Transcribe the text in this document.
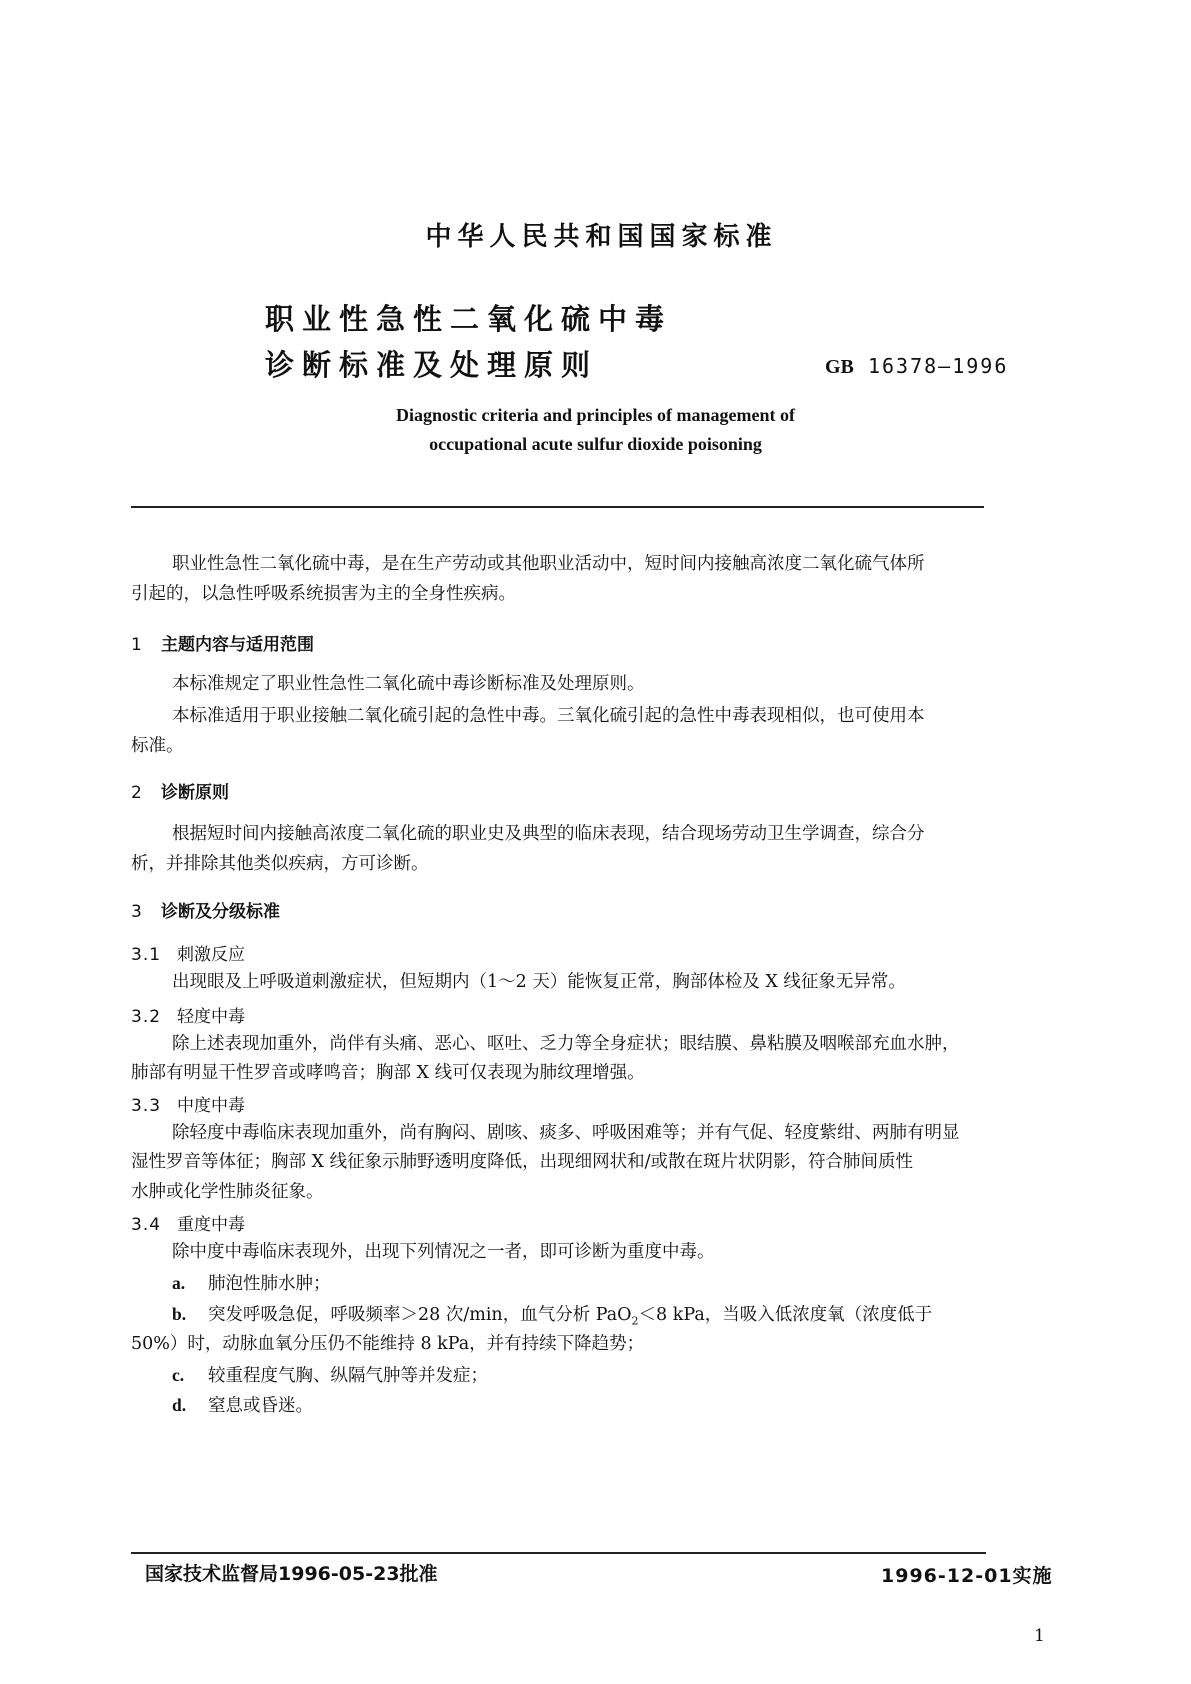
中华人民共和国国家标准
职业性急性二氧化硫中毒
诊断标准及处理原则	GB 16378—1996
Diagnostic criteria and principles of management of
occupational acute sulfur dioxide poisoning
职业性急性二氧化硫中毒，是在生产劳动或其他职业活动中，短时间内接触高浓度二氧化硫气体所
引起的，以急性呼吸系统损害为主的全身性疾病。
1 主题内容与适用范围
本标准规定了职业性急性二氧化硫中毒诊断标准及处理原则。
本标准适用于职业接触二氧化硫引起的急性中毒。三氧化硫引起的急性中毒表现相似，也可使用本
标准。
2 诊断原则
根据短时间内接触高浓度二氧化硫的职业史及典型的临床表现，结合现场劳动卫生学调查，综合分
析，并排除其他类似疾病，方可诊断。
3 诊断及分级标准
3.1 刺激反应
出现眼及上呼吸道刺激症状，但短期内（1～2 天）能恢复正常，胸部体检及 X 线征象无异常。
3.2 轻度中毒
除上述表现加重外，尚伴有头痛、恶心、呕吐、乏力等全身症状；眼结膜、鼻粘膜及咽喉部充血水肿，
肺部有明显干性罗音或哮鸣音；胸部 X 线可仅表现为肺纹理增强。
3.3 中度中毒
除轻度中毒临床表现加重外，尚有胸闷、剧咳、痰多、呼吸困难等；并有气促、轻度紫绀、两肺有明显
湿性罗音等体征；胸部 X 线征象示肺野透明度降低，出现细网状和/或散在斑片状阴影，符合肺间质性
水肿或化学性肺炎征象。
3.4 重度中毒
除中度中毒临床表现外，出现下列情况之一者，即可诊断为重度中毒。
a. 肺泡性肺水肿；
b. 突发呼吸急促，呼吸频率＞28 次/min，血气分析 PaO$_2$＜8 kPa，当吸入低浓度氧（浓度低于
50%）时，动脉血氧分压仍不能维持 8 kPa，并有持续下降趋势；
c. 较重程度气胸、纵隔气肿等并发症；
d. 窒息或昏迷。
国家技术监督局1996-05-23批准	1996-12-01实施
1
